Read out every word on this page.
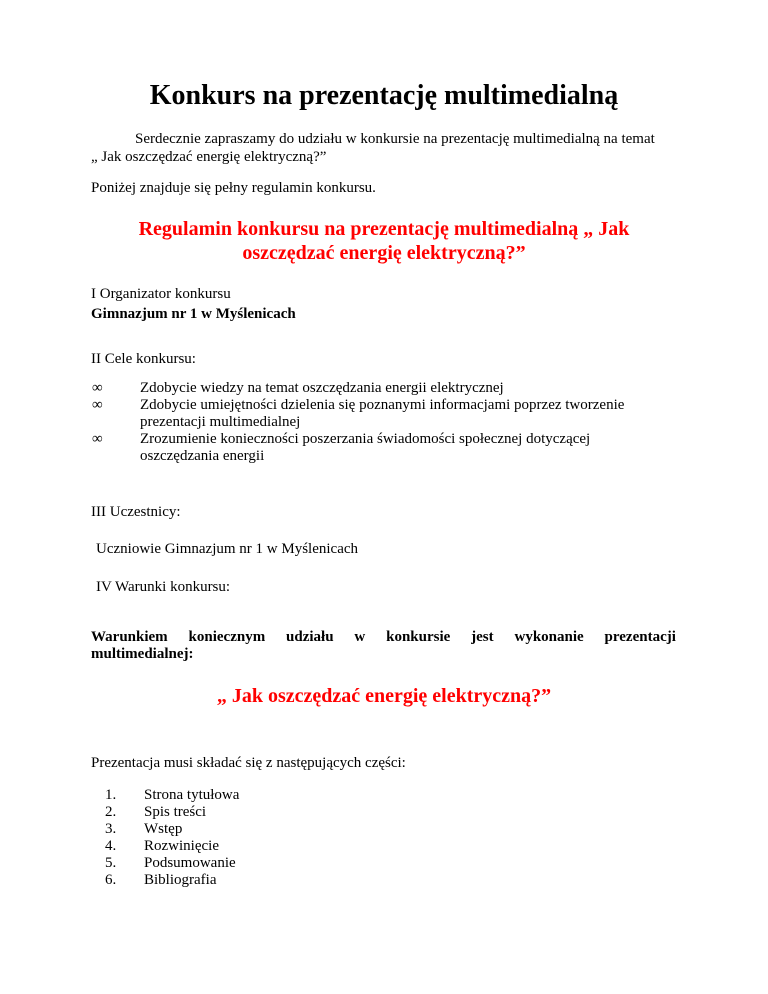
Konkurs na prezentację multimedialną
Serdecznie zapraszamy do udziału w konkursie na prezentację multimedialną na temat
„ Jak oszczędzać energię elektryczną?”
Poniżej znajduje się pełny regulamin konkursu.
Regulamin konkursu na prezentację multimedialną „ Jak
oszczędzać energię elektryczną?”
I Organizator konkursu
Gimnazjum nr 1 w Myślenicach
II Cele konkursu:
∞ Zdobycie wiedzy na temat oszczędzania energii elektrycznej
∞ Zdobycie umiejętności dzielenia się poznanymi informacjami poprzez tworzenie
prezentacji multimedialnej
∞ Zrozumienie konieczności poszerzania świadomości społecznej dotyczącej
oszczędzania energii
III Uczestnicy:
Uczniowie Gimnazjum nr 1 w Myślenicach
IV Warunki konkursu:
Warunkiem koniecznym udziału w konkursie jest wykonanie prezentacji
multimedialnej:
„ Jak oszczędzać energię elektryczną?”
Prezentacja musi składać się z następujących części:
1.	Strona tytułowa
2.	Spis treści
3.	Wstęp
4.	Rozwinięcie
5.	Podsumowanie
6.	Bibliografia
